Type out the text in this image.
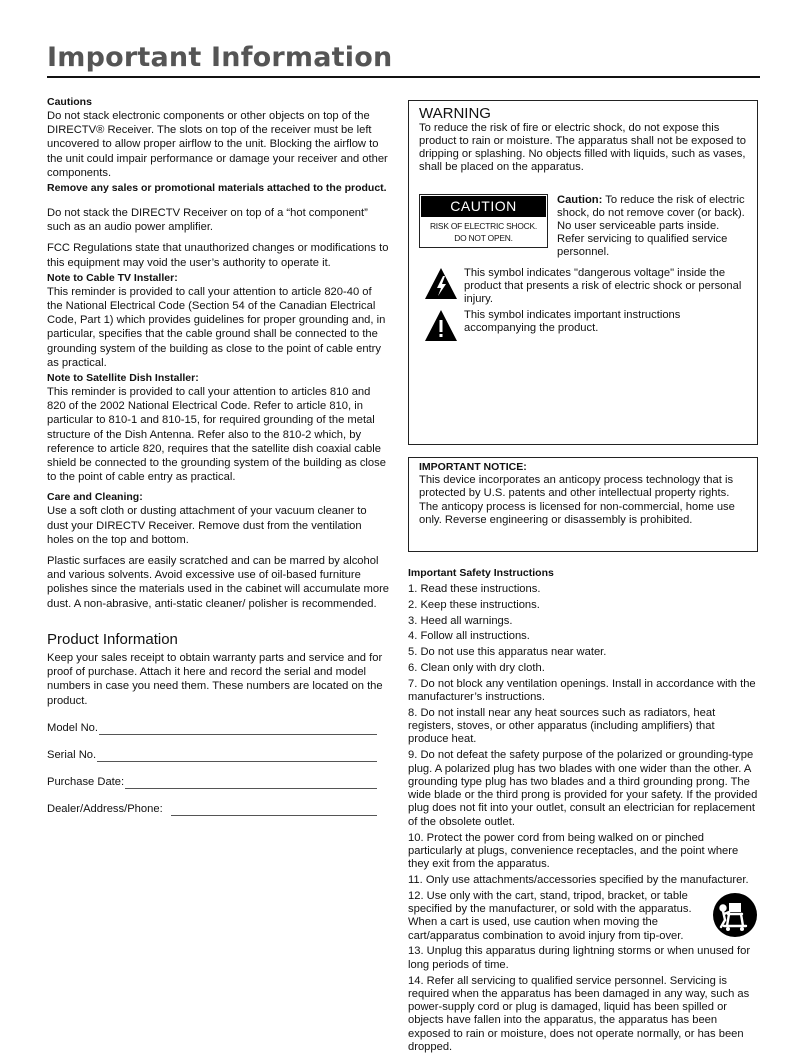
Important Information
Cautions
Do not stack electronic components or other objects on top of the DIRECTV® Receiver. The slots on top of the receiver must be left uncovered to allow proper airflow to the unit. Blocking the airflow to the unit could impair performance or damage your receiver and other components.
Remove any sales or promotional materials attached to the product.
Do not stack the DIRECTV Receiver on top of a “hot component” such as an audio power amplifier.
FCC Regulations state that unauthorized changes or modifications to this equipment may void the user’s authority to operate it.
Note to Cable TV Installer:
This reminder is provided to call your attention to article 820-40 of the National Electrical Code (Section 54 of the Canadian Electrical Code, Part 1) which provides guidelines for proper grounding and, in particular, specifies that the cable ground shall be connected to the grounding system of the building as close to the point of cable entry as practical.
Note to Satellite Dish Installer:
This reminder is provided to call your attention to articles 810 and 820 of the 2002 National Electrical Code. Refer to article 810, in particular to 810-1 and 810-15, for required grounding of the metal structure of the Dish Antenna. Refer also to the 810-2 which, by reference to article 820, requires that the satellite dish coaxial cable shield be connected to the grounding system of the building as close to the point of cable entry as practical.
Care and Cleaning:
Use a soft cloth or dusting attachment of your vacuum cleaner to dust your DIRECTV Receiver. Remove dust from the ventilation holes on the top and bottom.
Plastic surfaces are easily scratched and can be marred by alcohol and various solvents. Avoid excessive use of oil-based furniture polishes since the materials used in the cabinet will accumulate more dust. A non-abrasive, anti-static cleaner/ polisher is recommended.
Product Information
Keep your sales receipt to obtain warranty parts and service and for proof of purchase. Attach it here and record the serial and model numbers in case you need them. These numbers are located on the product.
Model No.
Serial No.
Purchase Date:
Dealer/Address/Phone:
WARNING
To reduce the risk of fire or electric shock, do not expose this product to rain or moisture. The apparatus shall not be exposed to dripping or splashing. No objects filled with liquids, such as vases, shall be placed on the apparatus.
CAUTION
RISK OF ELECTRIC SHOCK.
DO NOT OPEN.
Caution: To reduce the risk of electric shock, do not remove cover (or back). No user serviceable parts inside. Refer servicing to qualified service personnel.
This symbol indicates "dangerous voltage" inside the product that presents a risk of electric shock or personal injury.
This symbol indicates important instructions accompanying the product.
IMPORTANT NOTICE:
This device incorporates an anticopy process technology that is protected by U.S. patents and other intellectual property rights. The anticopy process is licensed for non-commercial, home use only. Reverse engineering or disassembly is prohibited.
Important Safety Instructions
1. Read these instructions.
2. Keep these instructions.
3. Heed all warnings.
4. Follow all instructions.
5. Do not use this apparatus near water.
6. Clean only with dry cloth.
7. Do not block any ventilation openings. Install in accordance with the manufacturer’s instructions.
8. Do not install near any heat sources such as radiators, heat registers, stoves, or other apparatus (including amplifiers) that produce heat.
9. Do not defeat the safety purpose of the polarized or grounding-type plug. A polarized plug has two blades with one wider than the other. A grounding type plug has two blades and a third grounding prong. The wide blade or the third prong is provided for your safety. If the provided plug does not fit into your outlet, consult an electrician for replacement of the obsolete outlet.
10. Protect the power cord from being walked on or pinched particularly at plugs, convenience receptacles, and the point where they exit from the apparatus.
11. Only use attachments/accessories specified by the manufacturer.
12. Use only with the cart, stand, tripod, bracket, or table specified by the manufacturer, or sold with the apparatus. When a cart is used, use caution when moving the cart/apparatus combination to avoid injury from tip-over.
13. Unplug this apparatus during lightning storms or when unused for long periods of time.
14. Refer all servicing to qualified service personnel. Servicing is required when the apparatus has been damaged in any way, such as power-supply cord or plug is damaged, liquid has been spilled or objects have fallen into the apparatus, the apparatus has been exposed to rain or moisture, does not operate normally, or has been dropped.
